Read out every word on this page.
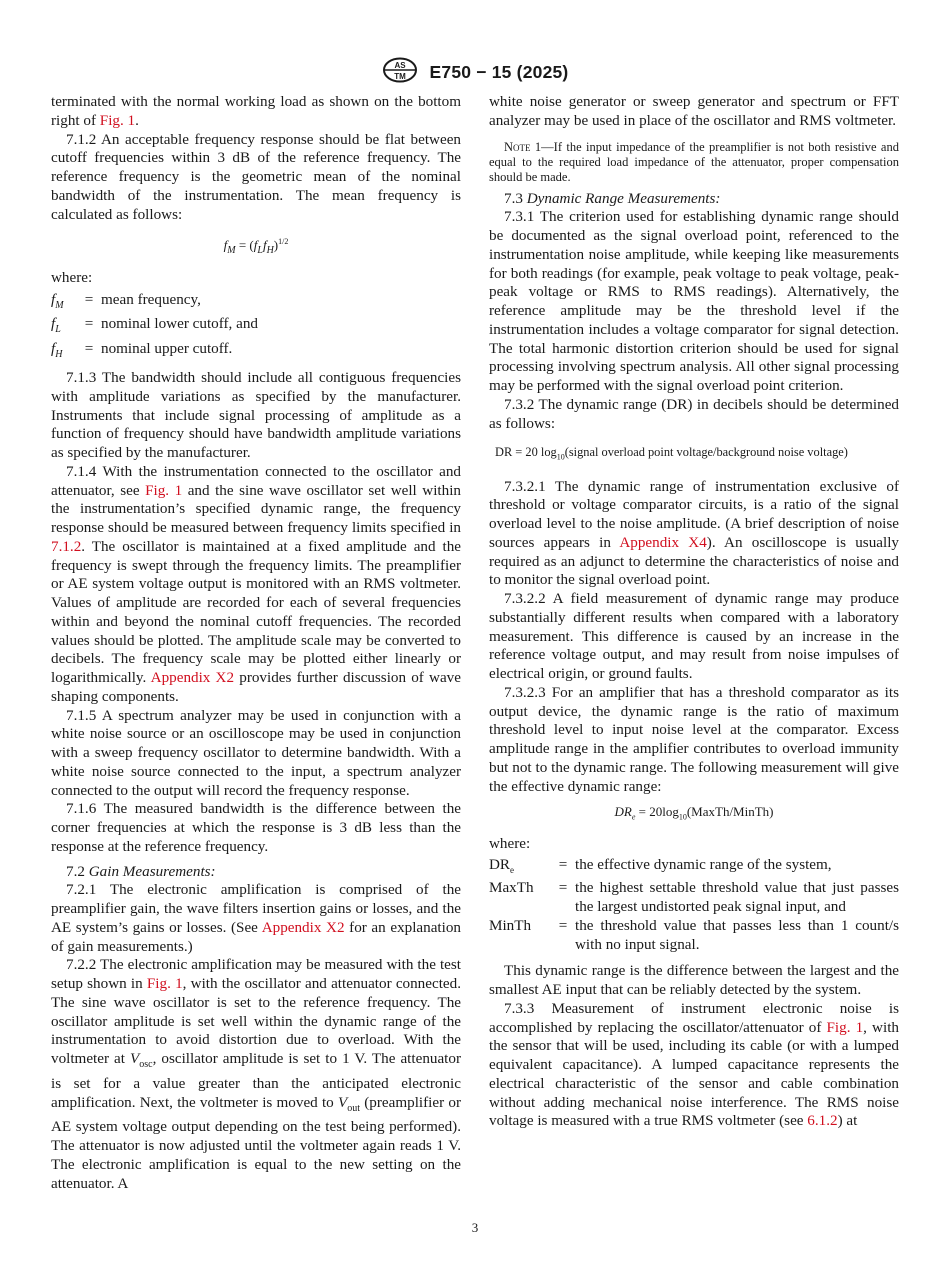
AS
TM E750 − 15 (2025)

terminated with the normal working load as shown on the bottom right of Fig. 1.

7.1.2 An acceptable frequency response should be flat between cutoff frequencies within 3 dB of the reference frequency. The reference frequency is the geometric mean of the nominal bandwidth of the instrumentation. The mean frequency is calculated as follows:

$f_M = (f_Lf_H)^{1/2}$

where:

$f_M$	= mean frequency,
$f_L$	= nominal lower cutoff, and
$f_H$	= nominal upper cutoff.

7.1.3 The bandwidth should include all contiguous frequencies with amplitude variations as specified by the manufacturer. Instruments that include signal processing of amplitude as a function of frequency should have bandwidth amplitude variations as specified by the manufacturer.

7.1.4 With the instrumentation connected to the oscillator and attenuator, see Fig. 1 and the sine wave oscillator set well within the instrumentation’s specified dynamic range, the frequency response should be measured between frequency limits specified in 7.1.2. The oscillator is maintained at a fixed amplitude and the frequency is swept through the frequency limits. The preamplifier or AE system voltage output is monitored with an RMS voltmeter. Values of amplitude are recorded for each of several frequencies within and beyond the nominal cutoff frequencies. The recorded values should be plotted. The amplitude scale may be converted to decibels. The frequency scale may be plotted either linearly or logarithmically. Appendix X2 provides further discussion of wave shaping components.

7.1.5 A spectrum analyzer may be used in conjunction with a white noise source or an oscilloscope may be used in conjunction with a sweep frequency oscillator to determine bandwidth. With a white noise source connected to the input, a spectrum analyzer connected to the output will record the frequency response.

7.1.6 The measured bandwidth is the difference between the corner frequencies at which the response is 3 dB less than the response at the reference frequency.

7.2 Gain Measurements:

7.2.1 The electronic amplification is comprised of the preamplifier gain, the wave filters insertion gains or losses, and the AE system’s gains or losses. (See Appendix X2 for an explanation of gain measurements.)

7.2.2 The electronic amplification may be measured with the test setup shown in Fig. 1, with the oscillator and attenuator connected. The sine wave oscillator is set to the reference frequency. The oscillator amplitude is set well within the dynamic range of the instrumentation to avoid distortion due to overload. With the voltmeter at $V_{osc}$, oscillator amplitude is set to 1 V. The attenuator is set for a value greater than the anticipated electronic amplification. Next, the voltmeter is moved to $V_{out}$ (preamplifier or AE system voltage output depending on the test being performed). The attenuator is now adjusted until the voltmeter again reads 1 V. The electronic amplification is equal to the new setting on the attenuator. A

white noise generator or sweep generator and spectrum or FFT analyzer may be used in place of the oscillator and RMS voltmeter.

Note 1—If the input impedance of the preamplifier is not both resistive and equal to the required load impedance of the attenuator, proper compensation should be made.

7.3 Dynamic Range Measurements:

7.3.1 The criterion used for establishing dynamic range should be documented as the signal overload point, referenced to the instrumentation noise amplitude, while keeping like measurements for both readings (for example, peak voltage to peak voltage, peak-peak voltage or RMS to RMS readings). Alternatively, the reference amplitude may be the threshold level if the instrumentation includes a voltage comparator for signal detection. The total harmonic distortion criterion should be used for signal processing involving spectrum analysis. All other signal processing may be performed with the signal overload point criterion.

7.3.2 The dynamic range (DR) in decibels should be determined as follows:

DR = 20 $\log_{10}(signal$ overload point voltage/background noise voltage)

7.3.2.1 The dynamic range of instrumentation exclusive of threshold or voltage comparator circuits, is a ratio of the signal overload level to the noise amplitude. (A brief description of noise sources appears in Appendix X4). An oscilloscope is usually required as an adjunct to determine the characteristics of noise and to monitor the signal overload point.

7.3.2.2 A field measurement of dynamic range may produce substantially different results when compared with a laboratory measurement. This difference is caused by an increase in the reference voltage output, and may result from noise impulses of electrical origin, or ground faults.

7.3.2.3 For an amplifier that has a threshold comparator as its output device, the dynamic range is the ratio of maximum threshold level to input noise level at the comparator. Excess amplitude range in the amplifier contributes to overload immunity but not to the dynamic range. The following measurement will give the effective dynamic range:

$DR_e$ = $20\log_{10}(MaxTh/MinTh)$

where:

$DR_e$	= the effective dynamic range of the system,
MaxTh	= the highest settable threshold value that just passes the largest undistorted peak signal input, and
MinTh	= the threshold value that passes less than 1 count/s with no input signal.

This dynamic range is the difference between the largest and the smallest AE input that can be reliably detected by the system.

7.3.3 Measurement of instrument electronic noise is accomplished by replacing the oscillator/attenuator of Fig. 1, with the sensor that will be used, including its cable (or with a lumped equivalent capacitance). A lumped capacitance represents the electrical characteristic of the sensor and cable combination without adding mechanical noise interference. The RMS noise voltage is measured with a true RMS voltmeter (see 6.1.2) at

3
